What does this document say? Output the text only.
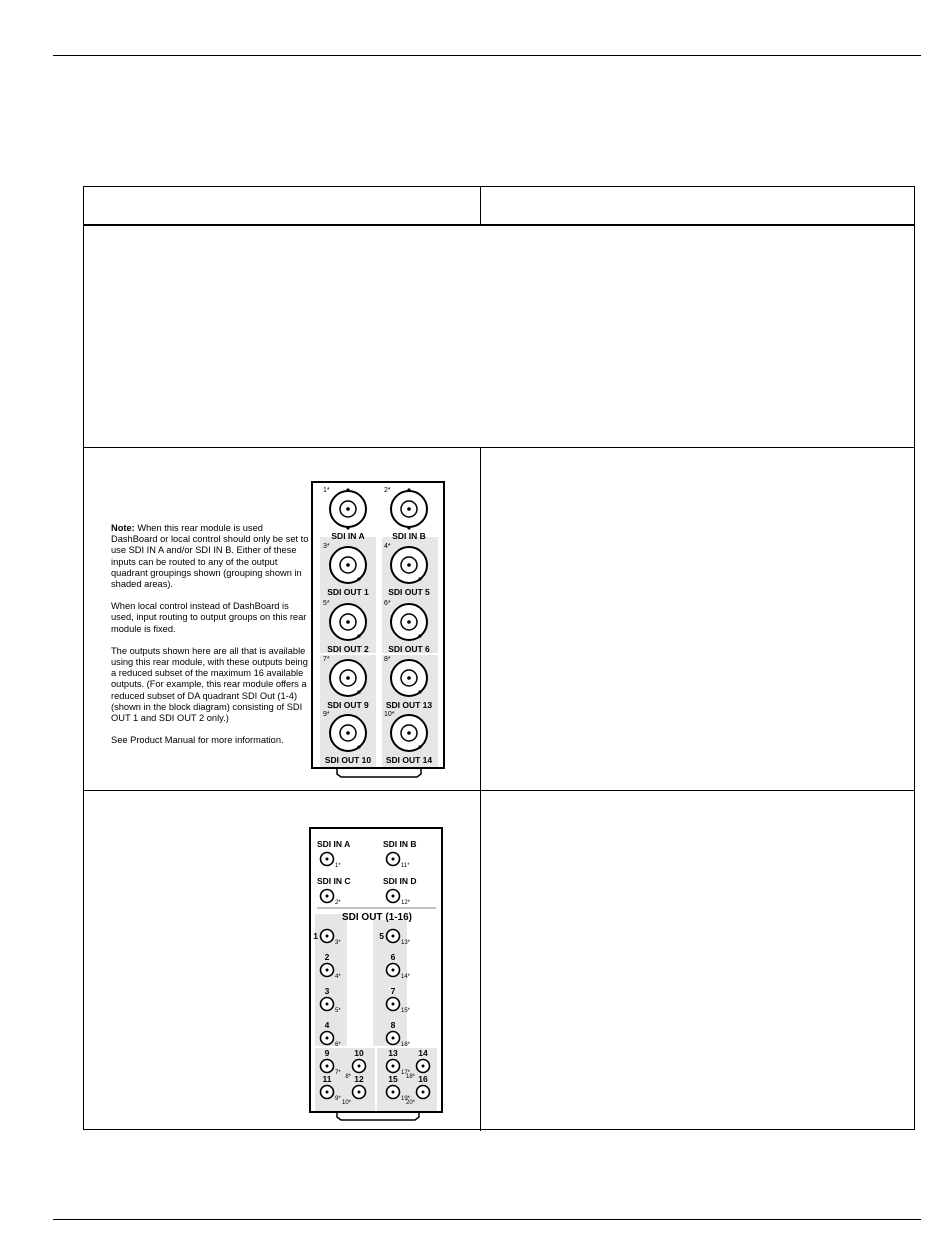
Note: When this rear module is used DashBoard or local control should only be set to use SDI IN A and/or SDI IN B. Either of these inputs can be routed to any of the output quadrant groupings shown (grouping shown in shaded areas).

When local control instead of DashBoard is used, input routing to output groups on this rear module is fixed.

The outputs shown here are all that is available using this rear module, with these outputs being a reduced subset of the maximum 16 available outputs. (For example, this rear module offers a reduced subset of DA quadrant SDI Out (1-4) (shown in the block diagram) consisting of SDI OUT 1 and SDI OUT 2 only.)

See Product Manual for more information.

1*
SDI IN A
2*
SDI IN B
3*
SDI OUT 1
4*
SDI OUT 5
5*
SDI OUT 2
6*
SDI OUT 6
7*
SDI OUT 9
8*
SDI OUT 13
9*
SDI OUT 10
10*
SDI OUT 14
SDI IN A
1*
SDI IN B
11*
SDI IN C
2*
SDI IN D
12*
SDI OUT (1-16)
3*
1
2
4*
3
5*
4
6*
13*
5
6
14*
7
15*
8
16*
9
7*
10
8*
11
9*
12
10*
13
17*
14
18*
15
19*
16
20*
